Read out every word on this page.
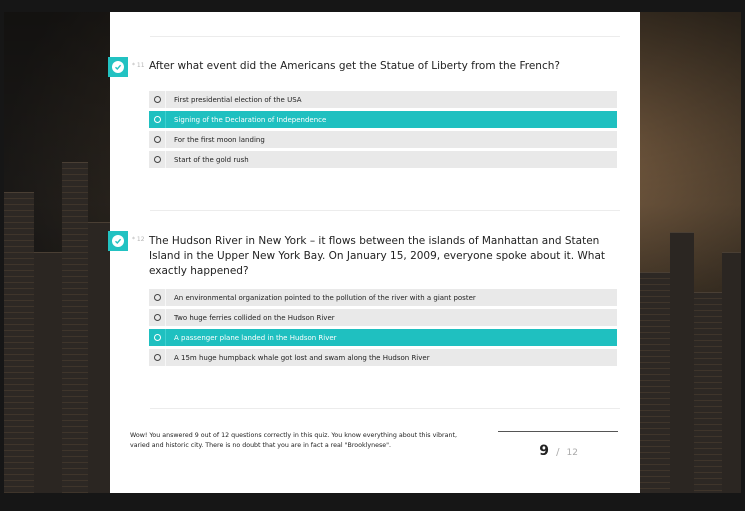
* 11 After what event did the Americans get the Statue of Liberty from the French?
First presidential election of the USA
Signing of the Declaration of Independence
For the first moon landing
Start of the gold rush
* 12 The Hudson River in New York – it flows between the islands of Manhattan and Staten Island in the Upper New York Bay. On January 15, 2009, everyone spoke about it. What exactly happened?
An environmental organization pointed to the pollution of the river with a giant poster
Two huge ferries collided on the Hudson River
A passenger plane landed in the Hudson River
A 15m huge humpback whale got lost and swam along the Hudson River
Wow! You answered 9 out of 12 questions correctly in this quiz. You know everything about this vibrant, varied and historic city. There is no doubt that you are in fact a real "Brooklynese".	9 / 12
